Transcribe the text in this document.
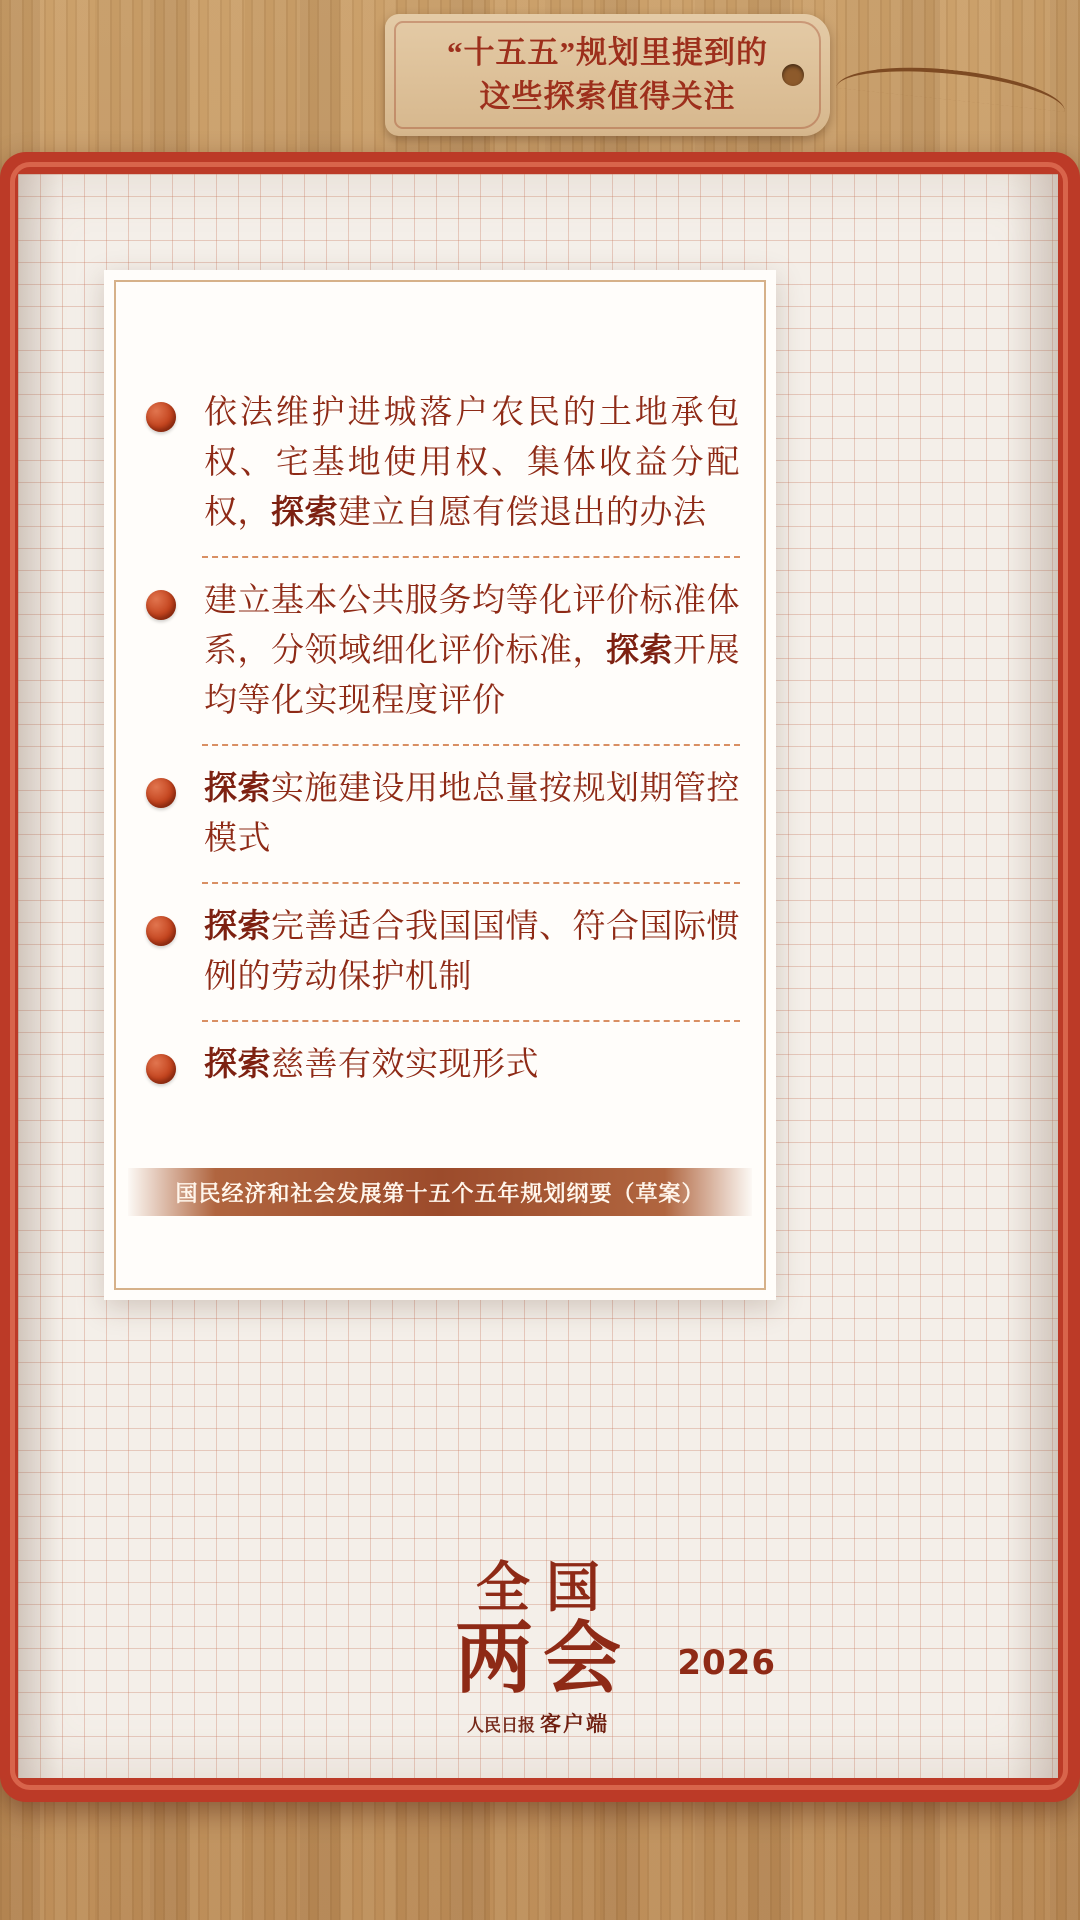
“十五五”规划里提到的
这些探索值得关注
依法维护进城落户农民的土地承包权、宅基地使用权、集体收益分配权，探索建立自愿有偿退出的办法
建立基本公共服务均等化评价标准体系，分领域细化评价标准，探索开展均等化实现程度评价
探索实施建设用地总量按规划期管控模式
探索完善适合我国国情、符合国际惯例的劳动保护机制
探索慈善有效实现形式
国民经济和社会发展第十五个五年规划纲要（草案）
全国
两会 2026
人民日报 客户端
